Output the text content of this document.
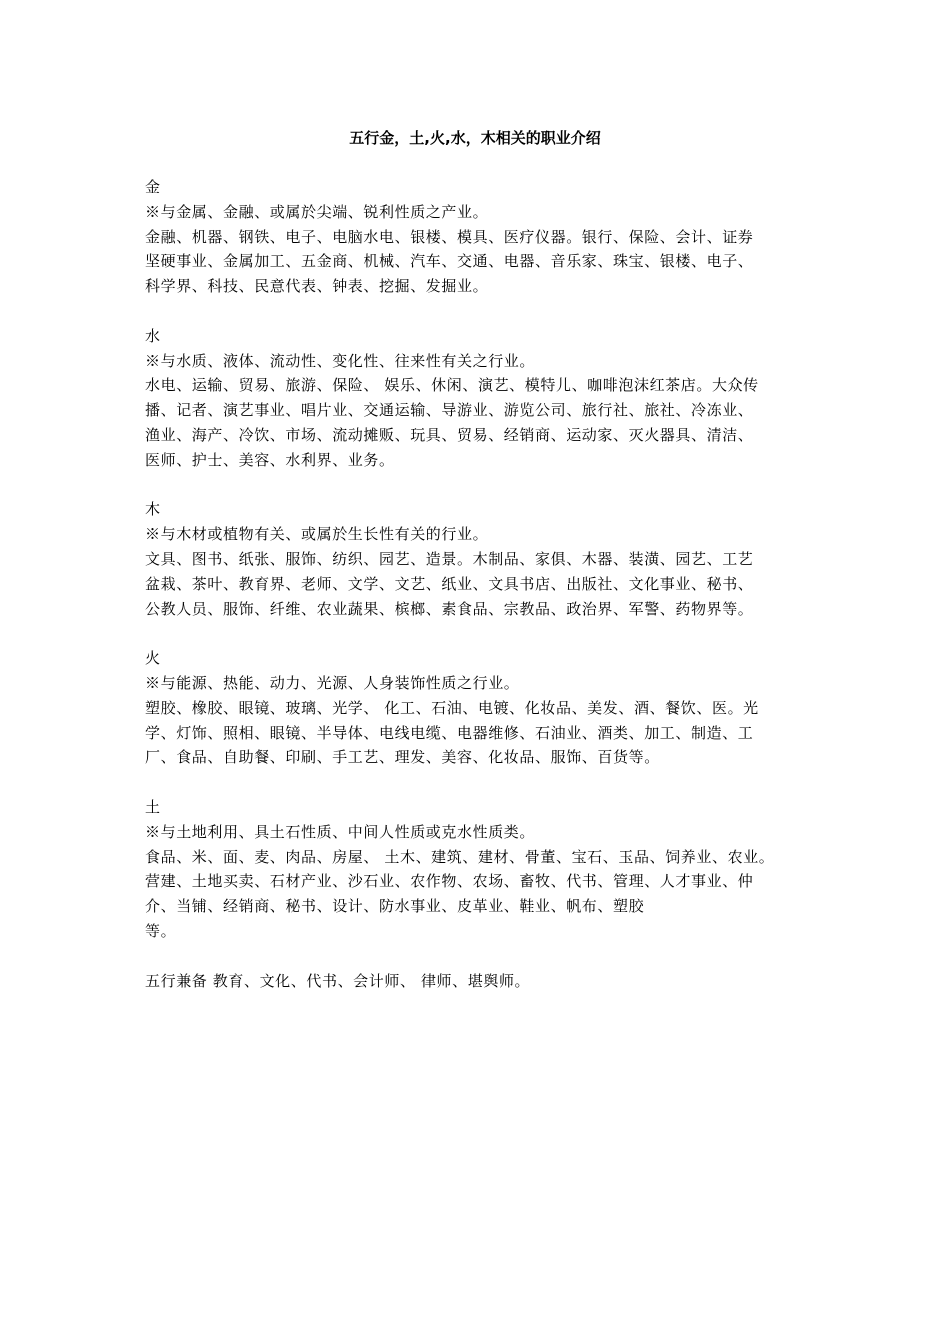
五行金，土,火,水，木相关的职业介绍
金
※与金属、金融、或属於尖端、锐利性质之产业。
金融、机器、钢铁、电子、电脑水电、银楼、模具、医疗仪器。银行、保险、会计、证券
坚硬事业、金属加工、五金商、机械、汽车、交通、电器、音乐家、珠宝、银楼、电子、
科学界、科技、民意代表、钟表、挖掘、发掘业。
水
※与水质、液体、流动性、变化性、往来性有关之行业。
水电、运输、贸易、旅游、保险、 娱乐、休闲、演艺、模特儿、咖啡泡沫红茶店。大众传
播、记者、演艺事业、唱片业、交通运输、导游业、游览公司、旅行社、旅社、冷冻业、
渔业、海产、冷饮、市场、流动摊贩、玩具、贸易、经销商、运动家、灭火器具、清洁、
医师、护士、美容、水利界、业务。
木
※与木材或植物有关、或属於生长性有关的行业。
文具、图书、纸张、服饰、纺织、园艺、造景。木制品、家俱、木器、装潢、园艺、工艺
盆栽、茶叶、教育界、老师、文学、文艺、纸业、文具书店、出版社、文化事业、秘书、
公教人员、服饰、纤维、农业蔬果、槟榔、素食品、宗教品、政治界、军警、药物界等。
火
※与能源、热能、动力、光源、人身装饰性质之行业。
塑胶、橡胶、眼镜、玻璃、光学、 化工、石油、电镀、化妆品、美发、酒、餐饮、医。光
学、灯饰、照相、眼镜、半导体、电线电缆、电器维修、石油业、酒类、加工、制造、工
厂、食品、自助餐、印刷、手工艺、理发、美容、化妆品、服饰、百货等。
土
※与土地利用、具土石性质、中间人性质或克水性质类。
食品、米、面、麦、肉品、房屋、 土木、建筑、建材、骨董、宝石、玉品、饲养业、农业。
营建、土地买卖、石材产业、沙石业、农作物、农场、畜牧、代书、管理、人才事业、仲
介、当铺、经销商、秘书、设计、防水事业、皮革业、鞋业、帆布、塑胶
等。
五行兼备 教育、文化、代书、会计师、 律师、堪舆师。
